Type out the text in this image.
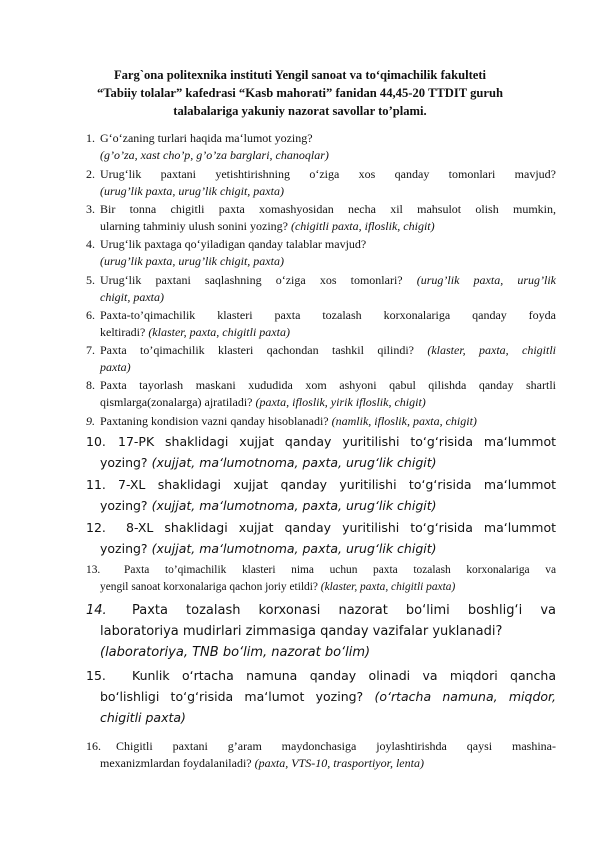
Farg`ona politexnika instituti Yengil sanoat va to‘qimachilik fakulteti
“Tabiiy tolalar” kafedrasi “Kasb mahorati” fanidan 44,45-20 TTDIT guruh
talabalariga yakuniy nazorat savollar to’plami.
1. G‘o‘zaning turlari haqida ma‘lumot yozing?
(g’o’za, xast cho’p, g’o’za barglari, chanoqlar)
2. Urug‘lik paxtani yetishtirishning o‘ziga xos qanday tomonlari mavjud?
(urug’lik paxta, urug’lik chigit, paxta)
3. Bir tonna chigitli paxta xomashyosidan necha xil mahsulot olish mumkin,
ularning tahminiy ulush sonini yozing? (chigitli paxta, ifloslik, chigit)
4. Urug‘lik paxtaga qo‘yiladigan qanday talablar mavjud?
(urug’lik paxta, urug’lik chigit, paxta)
5. Urug‘lik paxtani saqlashning o‘ziga xos tomonlari? (urug’lik paxta, urug’lik
chigit, paxta)
6. Paxta-to’qimachilik klasteri paxta tozalash korxonalariga qanday foyda
keltiradi? (klaster, paxta, chigitli paxta)
7. Paxta to’qimachilik klasteri qachondan tashkil qilindi? (klaster, paxta, chigitli
paxta)
8. Paxta tayorlash maskani xududida xom ashyoni qabul qilishda qanday shartli
qismlarga(zonalarga) ajratiladi? (paxta, ifloslik, yirik ifloslik, chigit)
9. Paxtaning kondision vazni qanday hisoblanadi? (namlik, ifloslik, paxta, chigit)
10. 17-PK shaklidagi xujjat qanday yuritilishi to‘g‘risida ma‘lummot
yozing? (xujjat, ma‘lumotnoma, paxta, urug‘lik chigit)
11. 7-XL shaklidagi xujjat qanday yuritilishi to‘g‘risida ma‘lummot
yozing? (xujjat, ma‘lumotnoma, paxta, urug‘lik chigit)
12. 8-XL shaklidagi xujjat qanday yuritilishi to‘g‘risida ma‘lummot
yozing? (xujjat, ma‘lumotnoma, paxta, urug‘lik chigit)
13. Paxta to’qimachilik klasteri nima uchun paxta tozalash korxonalariga va
yengil sanoat korxonalariga qachon joriy etildi? (klaster, paxta, chigitli paxta)
14. Paxta tozalash korxonasi nazorat bo‘limi boshlig‘i va
laboratoriya mudirlari zimmasiga qanday vazifalar yuklanadi?
(laboratoriya, TNB bo‘lim, nazorat bo‘lim)
15. Kunlik o‘rtacha namuna qanday olinadi va miqdori qancha
bo‘lishligi to‘g‘risida ma‘lumot yozing? (o‘rtacha namuna, miqdor,
chigitli paxta)
16. Chigitli paxtani g’aram maydonchasiga joylashtirishda qaysi mashina-
mexanizmlardan foydalaniladi? (paxta, VTS-10, trasportiyor, lenta)
